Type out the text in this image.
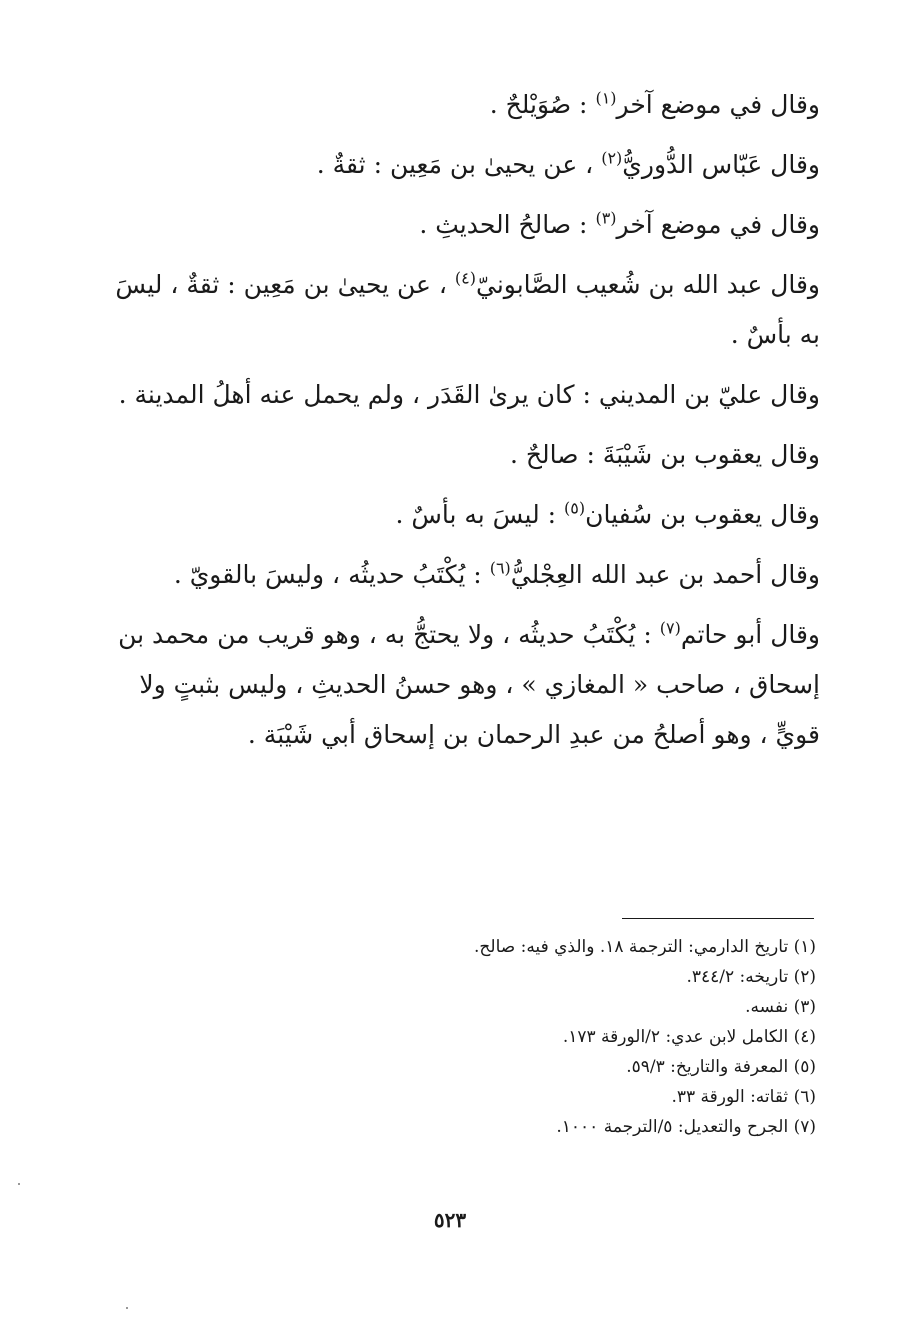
وقال في موضع آخر$^{(١)}$ : صُوَيْلحٌ .

وقال عَبّاس الدُّوريُّ$^{(٢)}$ ، عن يحيىٰ بن مَعِين : ثقةٌ .

وقال في موضع آخر$^{(٣)}$ : صالحُ الحديثِ .

وقال عبد الله بن شُعيب الصَّابونيّ$^{(٤)}$ ، عن يحيىٰ بن مَعِين : ثقةٌ ، ليسَ به بأسٌ .

وقال عليّ بن المديني : كان يرىٰ القَدَر ، ولم يحمل عنه أهلُ المدينة .

وقال يعقوب بن شَيْبَةَ : صالحٌ .

وقال يعقوب بن سُفيان$^{(٥)}$ : ليسَ به بأسٌ .

وقال أحمد بن عبد الله العِجْليُّ$^{(٦)}$ : يُكْتَبُ حديثُه ، وليسَ بالقويّ .

وقال أبو حاتم$^{(٧)}$ : يُكْتَبُ حديثُه ، ولا يحتجُّ به ، وهو قريب من محمد بن إسحاق ، صاحب « المغازي » ، وهو حسنُ الحديثِ ، وليس بثبتٍ ولا قويٍّ ، وهو أصلحُ من عبدِ الرحمان بن إسحاق أبي شَيْبَة .

(١) تاريخ الدارمي: الترجمة ١٨. والذي فيه: صالح.

(٢) تاريخه: ٣٤٤/٢.

(٣) نفسه.

(٤) الكامل لابن عدي: ٢/الورقة ١٧٣.

(٥) المعرفة والتاريخ: ٥٩/٣.

(٦) ثقاته: الورقة ٣٣.

(٧) الجرح والتعديل: ٥/الترجمة ١٠٠٠.

٥٢٣
